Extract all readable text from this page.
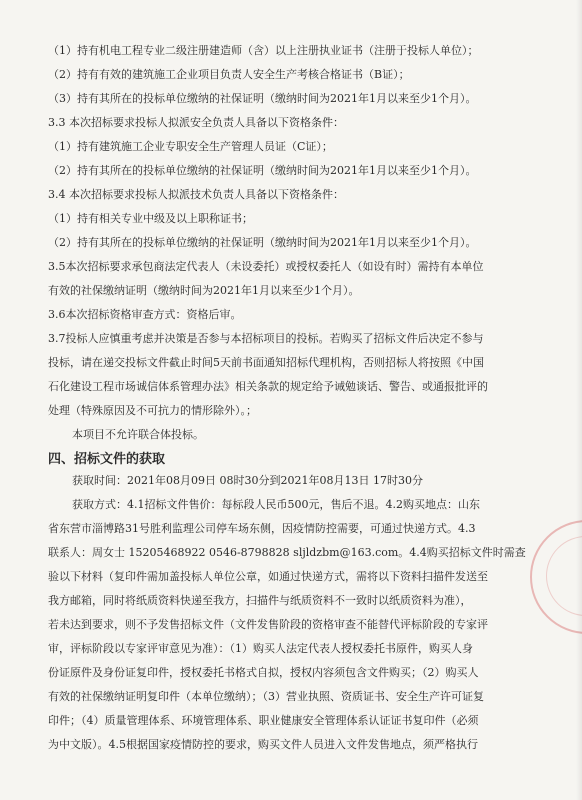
（1）持有机电工程专业二级注册建造师（含）以上注册执业证书（注册于投标人单位）；
（2）持有有效的建筑施工企业项目负责人安全生产考核合格证书（B证）；
（3）持有其所在的投标单位缴纳的社保证明（缴纳时间为2021年1月以来至少1个月）。
3.3 本次招标要求投标人拟派安全负责人具备以下资格条件：
（1）持有建筑施工企业专职安全生产管理人员证（C证）；
（2）持有其所在的投标单位缴纳的社保证明（缴纳时间为2021年1月以来至少1个月）。
3.4 本次招标要求投标人拟派技术负责人具备以下资格条件：
（1）持有相关专业中级及以上职称证书；
（2）持有其所在的投标单位缴纳的社保证明（缴纳时间为2021年1月以来至少1个月）。
3.5本次招标要求承包商法定代表人（未设委托）或授权委托人（如设有时）需持有本单位
有效的社保缴纳证明（缴纳时间为2021年1月以来至少1个月）。
3.6本次招标资格审查方式：资格后审。
3.7投标人应慎重考虑并决策是否参与本招标项目的投标。若购买了招标文件后决定不参与
投标，请在递交投标文件截止时间5天前书面通知招标代理机构，否则招标人将按照《中国
石化建设工程市场诚信体系管理办法》相关条款的规定给予诫勉谈话、警告、或通报批评的
处理（特殊原因及不可抗力的情形除外）。；
本项目不允许联合体投标。
四、招标文件的获取
获取时间：2021年08月09日 08时30分到2021年08月13日 17时30分
获取方式：4.1招标文件售价：每标段人民币500元，售后不退。4.2购买地点：山东
省东营市淄博路31号胜利监理公司停车场东侧，因疫情防控需要，可通过快递方式。4.3
联系人：周女士 15205468922 0546-8798828 sljldzbm@163.com。4.4购买招标文件时需查
验以下材料（复印件需加盖投标人单位公章，如通过快递方式，需将以下资料扫描件发送至
我方邮箱，同时将纸质资料快递至我方，扫描件与纸质资料不一致时以纸质资料为准），
若未达到要求，则不予发售招标文件（文件发售阶段的资格审查不能替代评标阶段的专家评
审，评标阶段以专家评审意见为准）：（1）购买人法定代表人授权委托书原件，购买人身
份证原件及身份证复印件，授权委托书格式自拟，授权内容须包含文件购买；（2）购买人
有效的社保缴纳证明复印件（本单位缴纳）；（3）营业执照、资质证书、安全生产许可证复
印件；（4）质量管理体系、环境管理体系、职业健康安全管理体系认证证书复印件（必须
为中文版）。4.5根据国家疫情防控的要求，购买文件人员进入文件发售地点，须严格执行
